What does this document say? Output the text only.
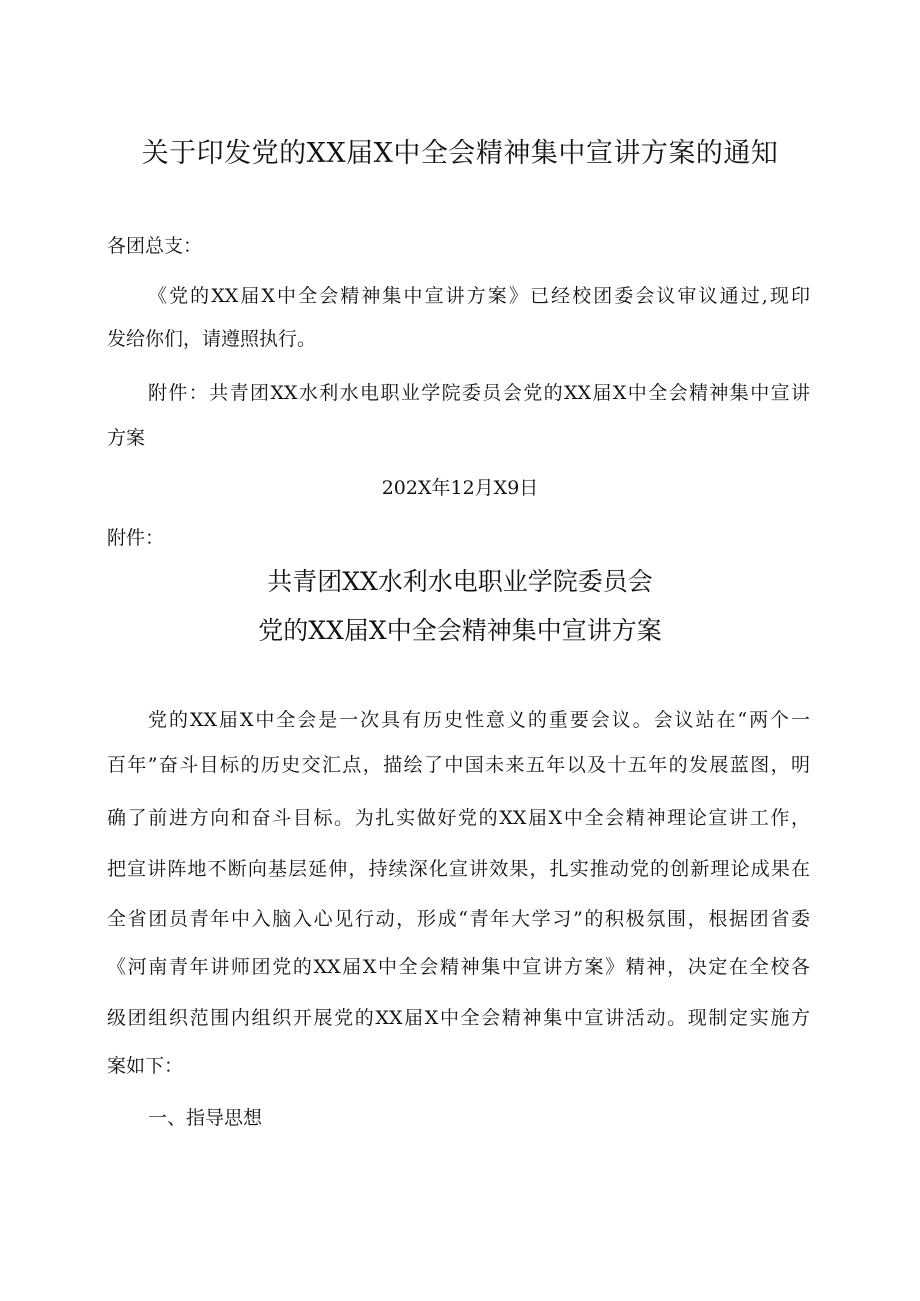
关于印发党的XX届X中全会精神集中宣讲方案的通知
各团总支：
《党的XX届X中全会精神集中宣讲方案》已经校团委会议审议通过,现印
发给你们，请遵照执行。
附件：共青团XX水利水电职业学院委员会党的XX届X中全会精神集中宣讲
方案
202X年12月X9日
附件：
共青团XX水利水电职业学院委员会
党的XX届X中全会精神集中宣讲方案
党的XX届X中全会是一次具有历史性意义的重要会议。会议站在“两个一
百年”奋斗目标的历史交汇点，描绘了中国未来五年以及十五年的发展蓝图，明
确了前进方向和奋斗目标。为扎实做好党的XX届X中全会精神理论宣讲工作，
把宣讲阵地不断向基层延伸，持续深化宣讲效果，扎实推动党的创新理论成果在
全省团员青年中入脑入心见行动，形成“青年大学习”的积极氛围，根据团省委
《河南青年讲师团党的XX届X中全会精神集中宣讲方案》精神，决定在全校各
级团组织范围内组织开展党的XX届X中全会精神集中宣讲活动。现制定实施方
案如下：
一、指导思想
